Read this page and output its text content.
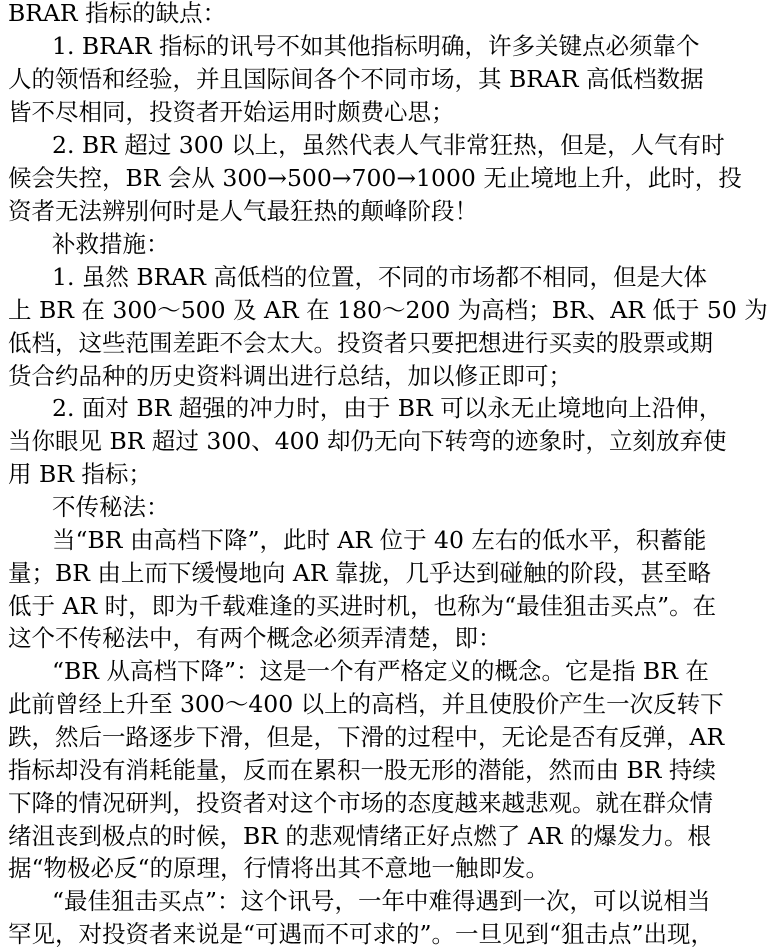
BRAR 指标的缺点：
1. BRAR 指标的讯号不如其他指标明确，许多关键点必须靠个
人的领悟和经验，并且国际间各个不同市场，其 BRAR 高低档数据
皆不尽相同，投资者开始运用时颇费心思；
2. BR 超过 300 以上，虽然代表人气非常狂热，但是，人气有时
候会失控，BR 会从 300→500→700→1000 无止境地上升，此时，投
资者无法辨别何时是人气最狂热的颠峰阶段！
补救措施：
1. 虽然 BRAR 高低档的位置，不同的市场都不相同，但是大体
上 BR 在 300～500 及 AR 在 180～200 为高档；BR、AR 低于 50 为
低档，这些范围差距不会太大。投资者只要把想进行买卖的股票或期
货合约品种的历史资料调出进行总结，加以修正即可；
2. 面对 BR 超强的冲力时，由于 BR 可以永无止境地向上沿伸，
当你眼见 BR 超过 300、400 却仍无向下转弯的迹象时，立刻放弃使
用 BR 指标；
不传秘法：
当“BR 由高档下降”，此时 AR 位于 40 左右的低水平，积蓄能
量；BR 由上而下缓慢地向 AR 靠拢，几乎达到碰触的阶段，甚至略
低于 AR 时，即为千载难逢的买进时机，也称为“最佳狙击买点”。在
这个不传秘法中，有两个概念必须弄清楚，即：
“BR 从高档下降”：这是一个有严格定义的概念。它是指 BR 在
此前曾经上升至 300～400 以上的高档，并且使股价产生一次反转下
跌，然后一路逐步下滑，但是，下滑的过程中，无论是否有反弹，AR
指标却没有消耗能量，反而在累积一股无形的潜能，然而由 BR 持续
下降的情况研判，投资者对这个市场的态度越来越悲观。就在群众情
绪沮丧到极点的时候，BR 的悲观情绪正好点燃了 AR 的爆发力。根
据“物极必反“的原理，行情将出其不意地一触即发。
“最佳狙击买点”：这个讯号，一年中难得遇到一次，可以说相当
罕见，对投资者来说是“可遇而不可求的”。一旦见到“狙击点”出现，
